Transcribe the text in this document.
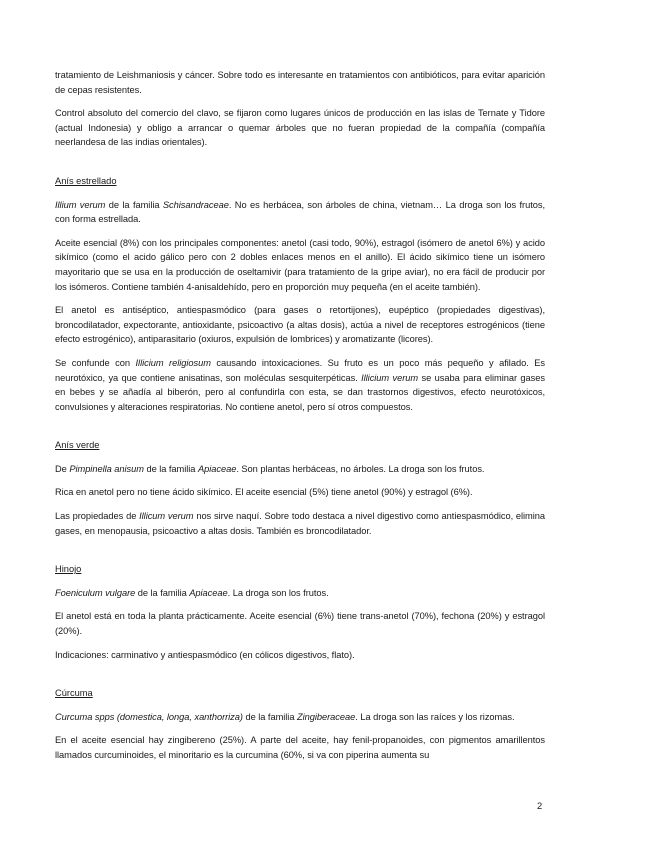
tratamiento de Leishmaniosis y cáncer. Sobre todo es interesante en tratamientos con antibióticos, para evitar aparición de cepas resistentes.

Control absoluto del comercio del clavo, se fijaron como lugares únicos de producción en las islas de Ternate y Tidore (actual Indonesia) y obligo a arrancar o quemar árboles que no fueran propiedad de la compañía (compañía neerlandesa de las indias orientales).

Anís estrellado

Illium verum de la familia Schisandraceae. No es herbácea, son árboles de china, vietnam… La droga son los frutos, con forma estrellada.

Aceite esencial (8%) con los principales componentes: anetol (casi todo, 90%), estragol (isómero de anetol 6%) y acido sikímico (como el acido gálico pero con 2 dobles enlaces menos en el anillo). El ácido sikímico tiene un isómero mayoritario que se usa en la producción de oseltamivir (para tratamiento de la gripe aviar), no era fácil de producir por los isómeros. Contiene también 4-anisaldehído, pero en proporción muy pequeña (en el aceite también).

El anetol es antiséptico, antiespasmódico (para gases o retortijones), eupéptico (propiedades digestivas), broncodilatador, expectorante, antioxidante, psicoactivo (a altas dosis), actúa a nivel de receptores estrogénicos (tiene efecto estrogénico), antiparasitario (oxiuros, expulsión de lombrices) y aromatizante (licores).

Se confunde con Illicium religiosum causando intoxicaciones. Su fruto es un poco más pequeño y afilado. Es neurotóxico, ya que contiene anisatinas, son moléculas sesquiterpéticas. Illicium verum se usaba para eliminar gases en bebes y se añadía al biberón, pero al confundirla con esta, se dan trastornos digestivos, efecto neurotóxicos, convulsiones y alteraciones respiratorias. No contiene anetol, pero sí otros compuestos.

Anís verde

De Pimpinella anisum de la familia Apiaceae. Son plantas herbáceas, no árboles. La droga son los frutos.

Rica en anetol pero no tiene ácido sikímico. El aceite esencial (5%) tiene anetol (90%) y estragol (6%).

Las propiedades de Illicum verum nos sirve naquí. Sobre todo destaca a nivel digestivo como antiespasmódico, elimina gases, en menopausia, psicoactivo a altas dosis. También es broncodilatador.

Hinojo

Foeniculum vulgare de la familia Apiaceae. La droga son los frutos.

El anetol está en toda la planta prácticamente. Aceite esencial (6%) tiene trans-anetol (70%), fechona (20%) y estragol (20%).

Indicaciones: carminativo y antiespasmódico (en cólicos digestivos, flato).

Cúrcuma

Curcuma spps (domestica, longa, xanthorriza) de la familia Zingiberaceae. La droga son las raíces y los rizomas.

En el aceite esencial hay zingibereno (25%). A parte del aceite, hay fenil-propanoides, con pigmentos amarillentos llamados curcuminoides, el minoritario es la curcumina (60%, si va con piperina aumenta su

2
